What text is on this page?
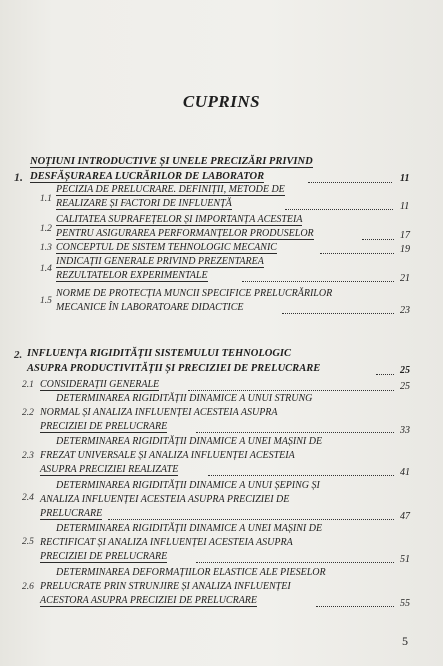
CUPRINS
1.
NOȚIUNI INTRODUCTIVE ȘI UNELE PRECIZĂRI PRIVIND
DESFĂȘURAREA LUCRĂRILOR DE LABORATOR	11
1.1
PECIZIA DE PRELUCRARE. DEFINIȚII, METODE DE
REALIZARE ȘI FACTORI DE INFLUENȚĂ	11
1.2
CALITATEA SUPRAFEȚELOR ȘI IMPORTANȚA ACESTEIA
PENTRU ASIGURAREA PERFORMANȚELOR PRODUSELOR	17
1.3 CONCEPTUL DE SISTEM TEHNOLOGIC MECANIC	19
1.4
INDICAȚII GENERALE PRIVIND PREZENTAREA
REZULTATELOR EXPERIMENTALE	21
1.5
NORME DE PROTECȚIA MUNCII SPECIFICE PRELUCRĂRILOR
MECANICE ÎN LABORATOARE DIDACTICE	23
2. INFLUENȚA RIGIDITĂȚII SISTEMULUI TEHNOLOGIC
ASUPRA PRODUCTIVITĂȚII ȘI PRECIZIEI DE PRELUCRARE	25
2.1 CONSIDERAȚII GENERALE	25
2.2
DETERMINAREA RIGIDITĂȚII DINAMICE A UNUI STRUNG
NORMAL ȘI ANALIZA INFLUENȚEI ACESTEIA ASUPRA
PRECIZIEI DE PRELUCRARE	33
2.3
DETERMINAREA RIGIDITĂȚII DINAMICE A UNEI MAȘINI DE
FREZAT UNIVERSALE ȘI ANALIZA INFLUENȚEI ACESTEIA
ASUPRA PRECIZIEI REALIZATE	41
2.4
DETERMINAREA RIGIDITĂȚII DINAMICE A UNUI ȘEPING ȘI
ANALIZA INFLUENȚEI ACESTEIA ASUPRA PRECIZIEI DE
PRELUCRARE	47
2.5
DETERMINAREA RIGIDITĂȚII DINAMICE A UNEI MAȘINI DE
RECTIFICAT ȘI ANALIZA INFLUENȚEI ACESTEIA ASUPRA
PRECIZIEI DE PRELUCRARE	51
2.6
DETERMINAREA DEFORMAȚIILOR ELASTICE ALE PIESELOR
PRELUCRATE PRIN STRUNJIRE ȘI ANALIZA INFLUENȚEI
ACESTORA ASUPRA PRECIZIEI DE PRELUCRARE	55
5
